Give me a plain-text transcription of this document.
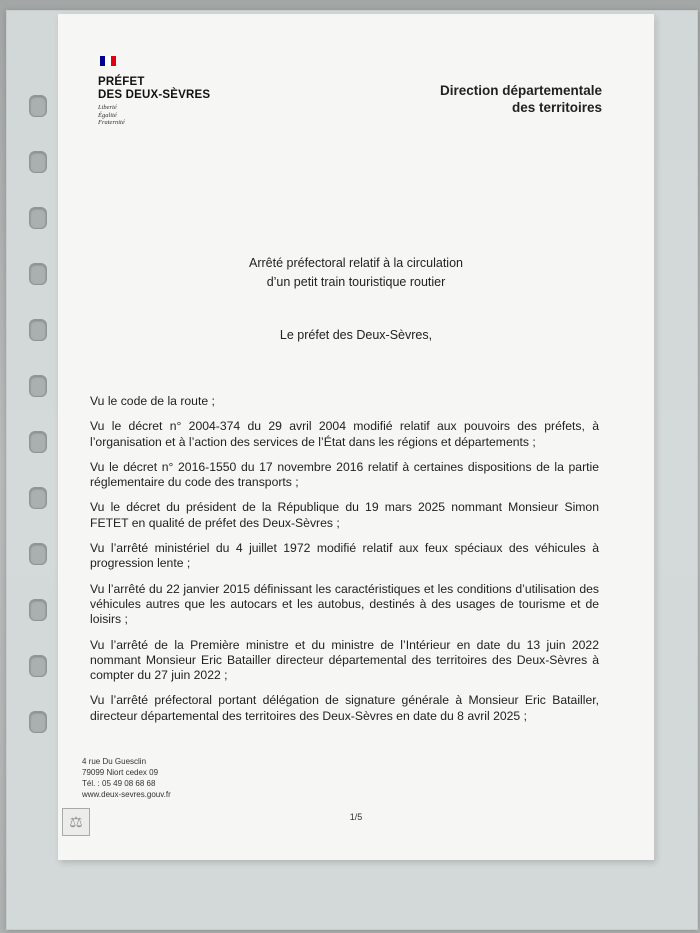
PRÉFET
DES DEUX-SÈVRES
Liberté
Égalité
Fraternité
Direction départementale
des territoires
Arrêté préfectoral relatif à la circulation
d’un petit train touristique routier
Le préfet des Deux-Sèvres,

Vu le code de la route ;

Vu le décret n° 2004-374 du 29 avril 2004 modifié relatif aux pouvoirs des préfets, à l’organisation et à l’action des services de l’État dans les régions et départements ;

Vu le décret n° 2016-1550 du 17 novembre 2016 relatif à certaines dispositions de la partie réglementaire du code des transports ;

Vu le décret du président de la République du 19 mars 2025 nommant Monsieur Simon FETET en qualité de préfet des Deux-Sèvres ;

Vu l’arrêté ministériel du 4 juillet 1972 modifié relatif aux feux spéciaux des véhicules à progression lente ;

Vu l’arrêté du 22 janvier 2015 définissant les caractéristiques et les conditions d’utilisation des véhicules autres que les autocars et les autobus, destinés à des usages de tourisme et de loisirs ;

Vu l’arrêté de la Première ministre et du ministre de l’Intérieur en date du 13 juin 2022 nommant Monsieur Eric Batailler directeur départemental des territoires des Deux-Sèvres à compter du 27 juin 2022 ;

Vu l’arrêté préfectoral portant délégation de signature générale à Monsieur Eric Batailler, directeur départemental des territoires des Deux-Sèvres en date du 8 avril 2025 ;

4 rue Du Guesclin
79099 Niort cedex 09
Tél. : 05 49 08 68 68
www.deux-sevres.gouv.fr
⚖	1/5
